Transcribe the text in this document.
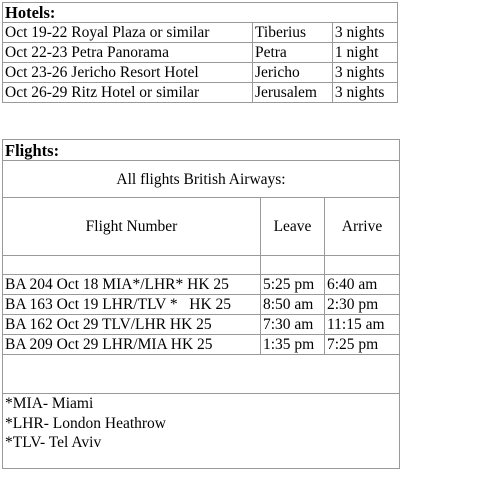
Hotels:		
Oct 19-22 Royal Plaza or similar	Tiberius	3 nights
Oct 22-23 Petra Panorama	Petra	1 night
Oct 23-26 Jericho Resort Hotel	Jericho	3 nights
Oct 26-29 Ritz Hotel or similar	Jerusalem	3 nights
Flights:		
All flights British Airways:		
Flight Number	Leave	Arrive

BA 204 Oct 18 MIA*/LHR* HK 25	5:25 pm	6:40 am
BA 163 Oct 19 LHR/TLV *   HK 25	8:50 am	2:30 pm
BA 162 Oct 29 TLV/LHR HK 25	7:30 am	11:15 am
BA 209 Oct 29 LHR/MIA HK 25	1:35 pm	7:25 pm

*MIA- Miami
*LHR- London Heathrow
*TLV- Tel Aviv		
